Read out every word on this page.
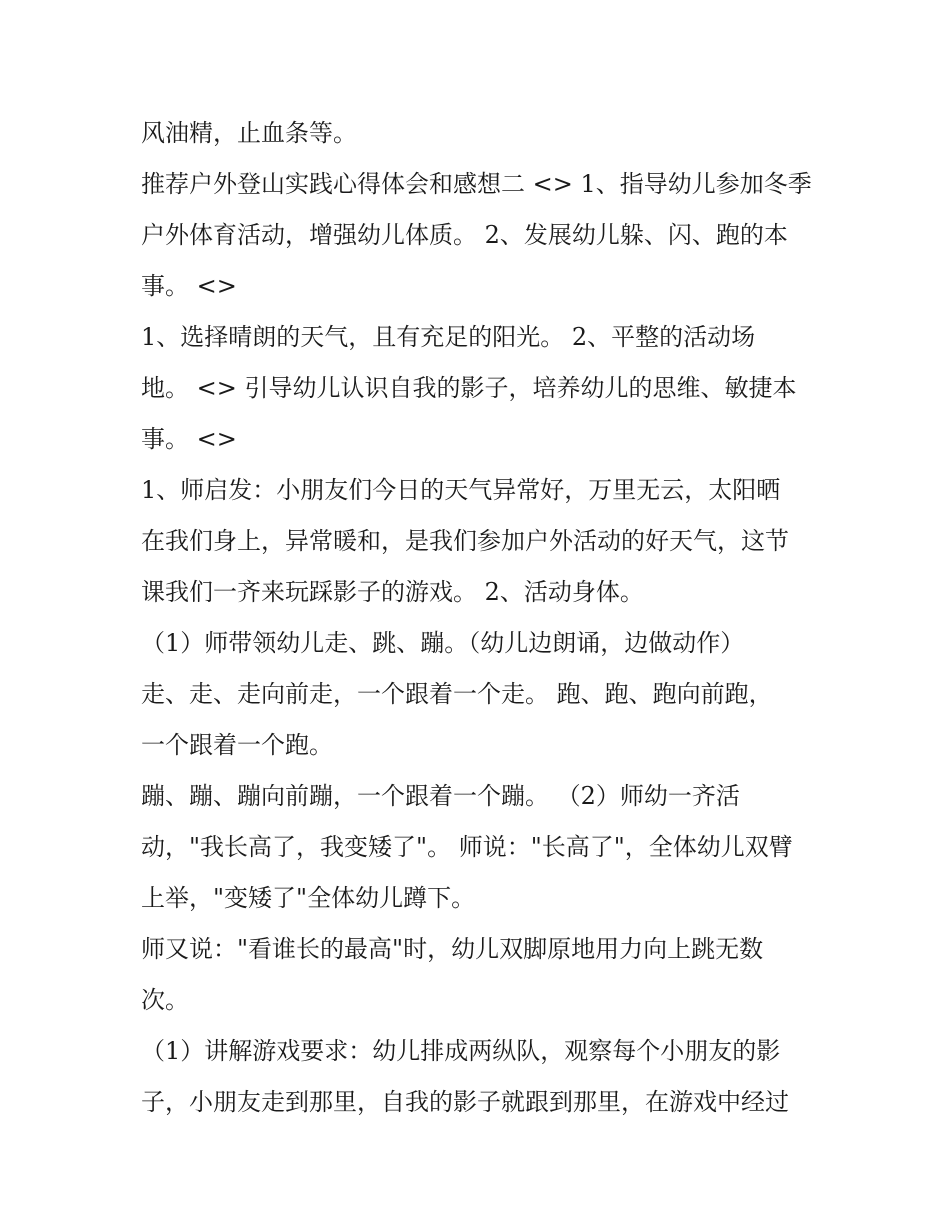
风油精，止血条等。
推荐户外登山实践心得体会和感想二 <> 1、指导幼儿参加冬季
户外体育活动，增强幼儿体质。 2、发展幼儿躲、闪、跑的本
事。 <>
1、选择晴朗的天气，且有充足的阳光。 2、平整的活动场
地。 <> 引导幼儿认识自我的影子，培养幼儿的思维、敏捷本
事。 <>
1、师启发：小朋友们今日的天气异常好，万里无云，太阳晒
在我们身上，异常暖和，是我们参加户外活动的好天气，这节
课我们一齐来玩踩影子的游戏。 2、活动身体。
（1）师带领幼儿走、跳、蹦。（幼儿边朗诵，边做动作）
走、走、走向前走，一个跟着一个走。 跑、跑、跑向前跑，
一个跟着一个跑。
蹦、蹦、蹦向前蹦，一个跟着一个蹦。 （2）师幼一齐活
动，"我长高了，我变矮了"。 师说："长高了"，全体幼儿双臂
上举，"变矮了"全体幼儿蹲下。
师又说："看谁长的最高"时，幼儿双脚原地用力向上跳无数
次。
（1）讲解游戏要求：幼儿排成两纵队，观察每个小朋友的影
子，小朋友走到那里，自我的影子就跟到那里，在游戏中经过
